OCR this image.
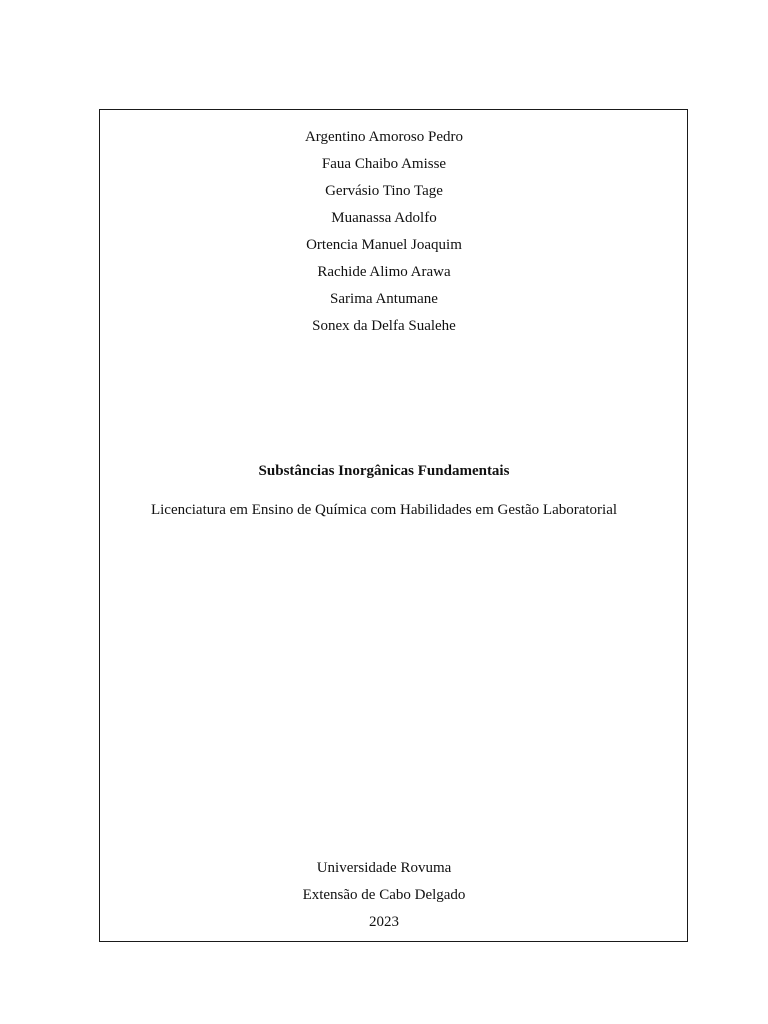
Argentino Amoroso Pedro
Faua Chaibo Amisse
Gervásio Tino Tage
Muanassa Adolfo
Ortencia Manuel Joaquim
Rachide Alimo Arawa
Sarima Antumane
Sonex da Delfa Sualehe
Substâncias Inorgânicas Fundamentais

Licenciatura em Ensino de Química com Habilidades em Gestão Laboratorial

Universidade Rovuma
Extensão de Cabo Delgado
2023
